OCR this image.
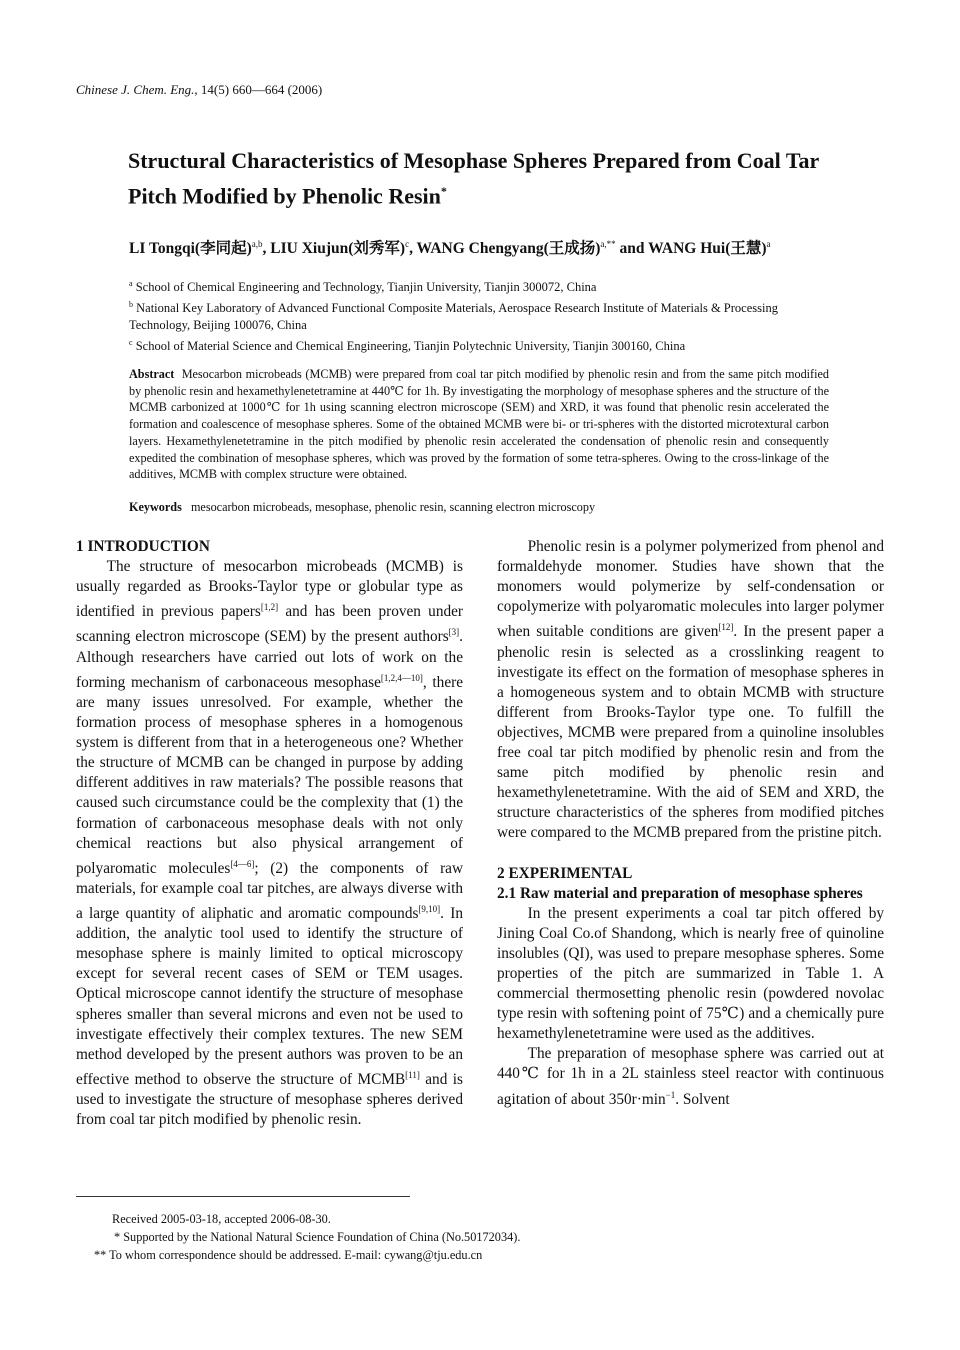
Chinese J. Chem. Eng., 14(5) 660—664 (2006)
Structural Characteristics of Mesophase Spheres Prepared from Coal Tar Pitch Modified by Phenolic Resin*
LI Tongqi(李同起)$^{a,b}$, LIU Xiujun(刘秀军)$^c$, WANG Chengyang(王成扬)$^{a,**}$ and WANG Hui(王慧)$^a$
$^a$ School of Chemical Engineering and Technology, Tianjin University, Tianjin 300072, China
$^b$ National Key Laboratory of Advanced Functional Composite Materials, Aerospace Research Institute of Materials & Processing Technology, Beijing 100076, China
$^c$ School of Material Science and Chemical Engineering, Tianjin Polytechnic University, Tianjin 300160, China
Abstract Mesocarbon microbeads (MCMB) were prepared from coal tar pitch modified by phenolic resin and from the same pitch modified by phenolic resin and hexamethylenetetramine at 440℃ for 1h. By investigating the morphology of mesophase spheres and the structure of the MCMB carbonized at 1000℃ for 1h using scanning electron microscope (SEM) and XRD, it was found that phenolic resin accelerated the formation and coalescence of mesophase spheres. Some of the obtained MCMB were bi- or tri-spheres with the distorted microtextural carbon layers. Hexamethylenetetramine in the pitch modified by phenolic resin accelerated the condensation of phenolic resin and consequently expedited the combination of mesophase spheres, which was proved by the formation of some tetra-spheres. Owing to the cross-linkage of the additives, MCMB with complex structure were obtained.
Keywords mesocarbon microbeads, mesophase, phenolic resin, scanning electron microscopy
1 INTRODUCTION

The structure of mesocarbon microbeads (MCMB) is usually regarded as Brooks-Taylor type or globular type as identified in previous papers[1,2] and has been proven under scanning electron microscope (SEM) by the present authors[3]. Although researchers have carried out lots of work on the forming mechanism of carbonaceous mesophase[1,2,4—10], there are many issues unresolved. For example, whether the formation process of mesophase spheres in a homogenous system is different from that in a heterogeneous one? Whether the structure of MCMB can be changed in purpose by adding different additives in raw materials? The possible reasons that caused such circumstance could be the complexity that (1) the formation of carbonaceous mesophase deals with not only chemical reactions but also physical arrangement of polyaromatic molecules[4—6]; (2) the components of raw materials, for example coal tar pitches, are always diverse with a large quantity of aliphatic and aromatic compounds[9,10]. In addition, the analytic tool used to identify the structure of mesophase sphere is mainly limited to optical microscopy except for several recent cases of SEM or TEM usages. Optical microscope cannot identify the structure of mesophase spheres smaller than several microns and even not be used to investigate effectively their complex textures. The new SEM method developed by the present authors was proven to be an effective method to observe the structure of MCMB[11] and is used to investigate the structure of mesophase spheres derived from coal tar pitch modified by phenolic resin.

Phenolic resin is a polymer polymerized from phenol and formaldehyde monomer. Studies have shown that the monomers would polymerize by self-condensation or copolymerize with polyaromatic molecules into larger polymer when suitable conditions are given[12]. In the present paper a phenolic resin is selected as a crosslinking reagent to investigate its effect on the formation of mesophase spheres in a homogeneous system and to obtain MCMB with structure different from Brooks-Taylor type one. To fulfill the objectives, MCMB were prepared from a quinoline insolubles free coal tar pitch modified by phenolic resin and from the same pitch modified by phenolic resin and hexamethylenetetramine. With the aid of SEM and XRD, the structure characteristics of the spheres from modified pitches were compared to the MCMB prepared from the pristine pitch.

2 EXPERIMENTAL
2.1 Raw material and preparation of mesophase spheres

In the present experiments a coal tar pitch offered by Jining Coal Co.of Shandong, which is nearly free of quinoline insolubles (QI), was used to prepare mesophase spheres. Some properties of the pitch are summarized in Table 1. A commercial thermosetting phenolic resin (powdered novolac type resin with softening point of 75℃) and a chemically pure hexamethylenetetramine were used as the additives.

The preparation of mesophase sphere was carried out at 440℃ for 1h in a 2L stainless steel reactor with continuous agitation of about $350r\cdot\min^{-1}$. Solvent

Received 2005-03-18, accepted 2006-08-30.
* Supported by the National Natural Science Foundation of China (No.50172034).
** To whom correspondence should be addressed. E-mail: cywang@tju.edu.cn
